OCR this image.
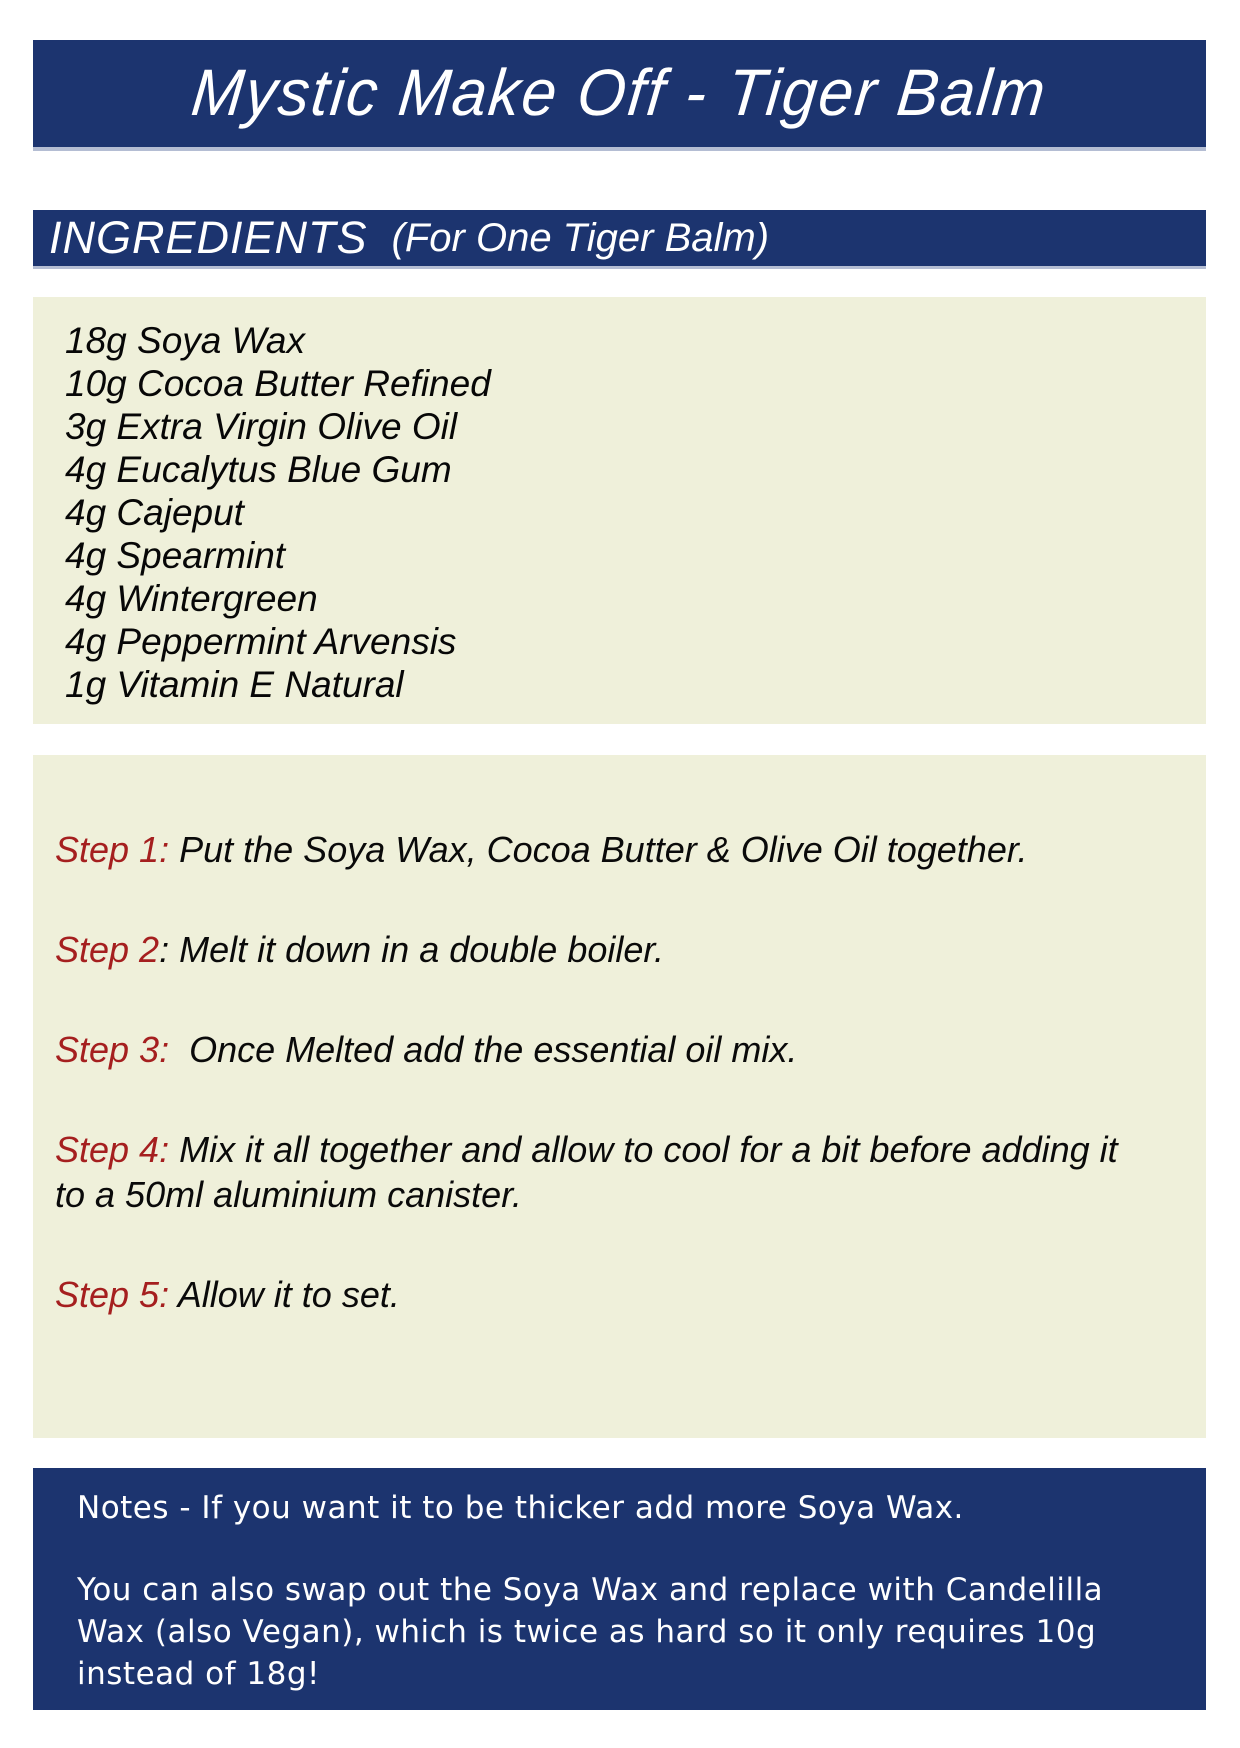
Mystic Make Off - Tiger Balm
INGREDIENTS (For One Tiger Balm)
18g Soya Wax
10g Cocoa Butter Refined
3g Extra Virgin Olive Oil
4g Eucalytus Blue Gum
4g Cajeput
4g Spearmint
4g Wintergreen
4g Peppermint Arvensis
1g Vitamin E Natural

Step 1: Put the Soya Wax, Cocoa Butter & Olive Oil together.

Step 2: Melt it down in a double boiler.

Step 3:  Once Melted add the essential oil mix.

Step 4: Mix it all together and allow to cool for a bit before adding it to a 50ml aluminium canister.

Step 5: Allow it to set.

Notes - If you want it to be thicker add more Soya Wax.

You can also swap out the Soya Wax and replace with Candelilla
Wax (also Vegan), which is twice as hard so it only requires 10g
instead of 18g!
